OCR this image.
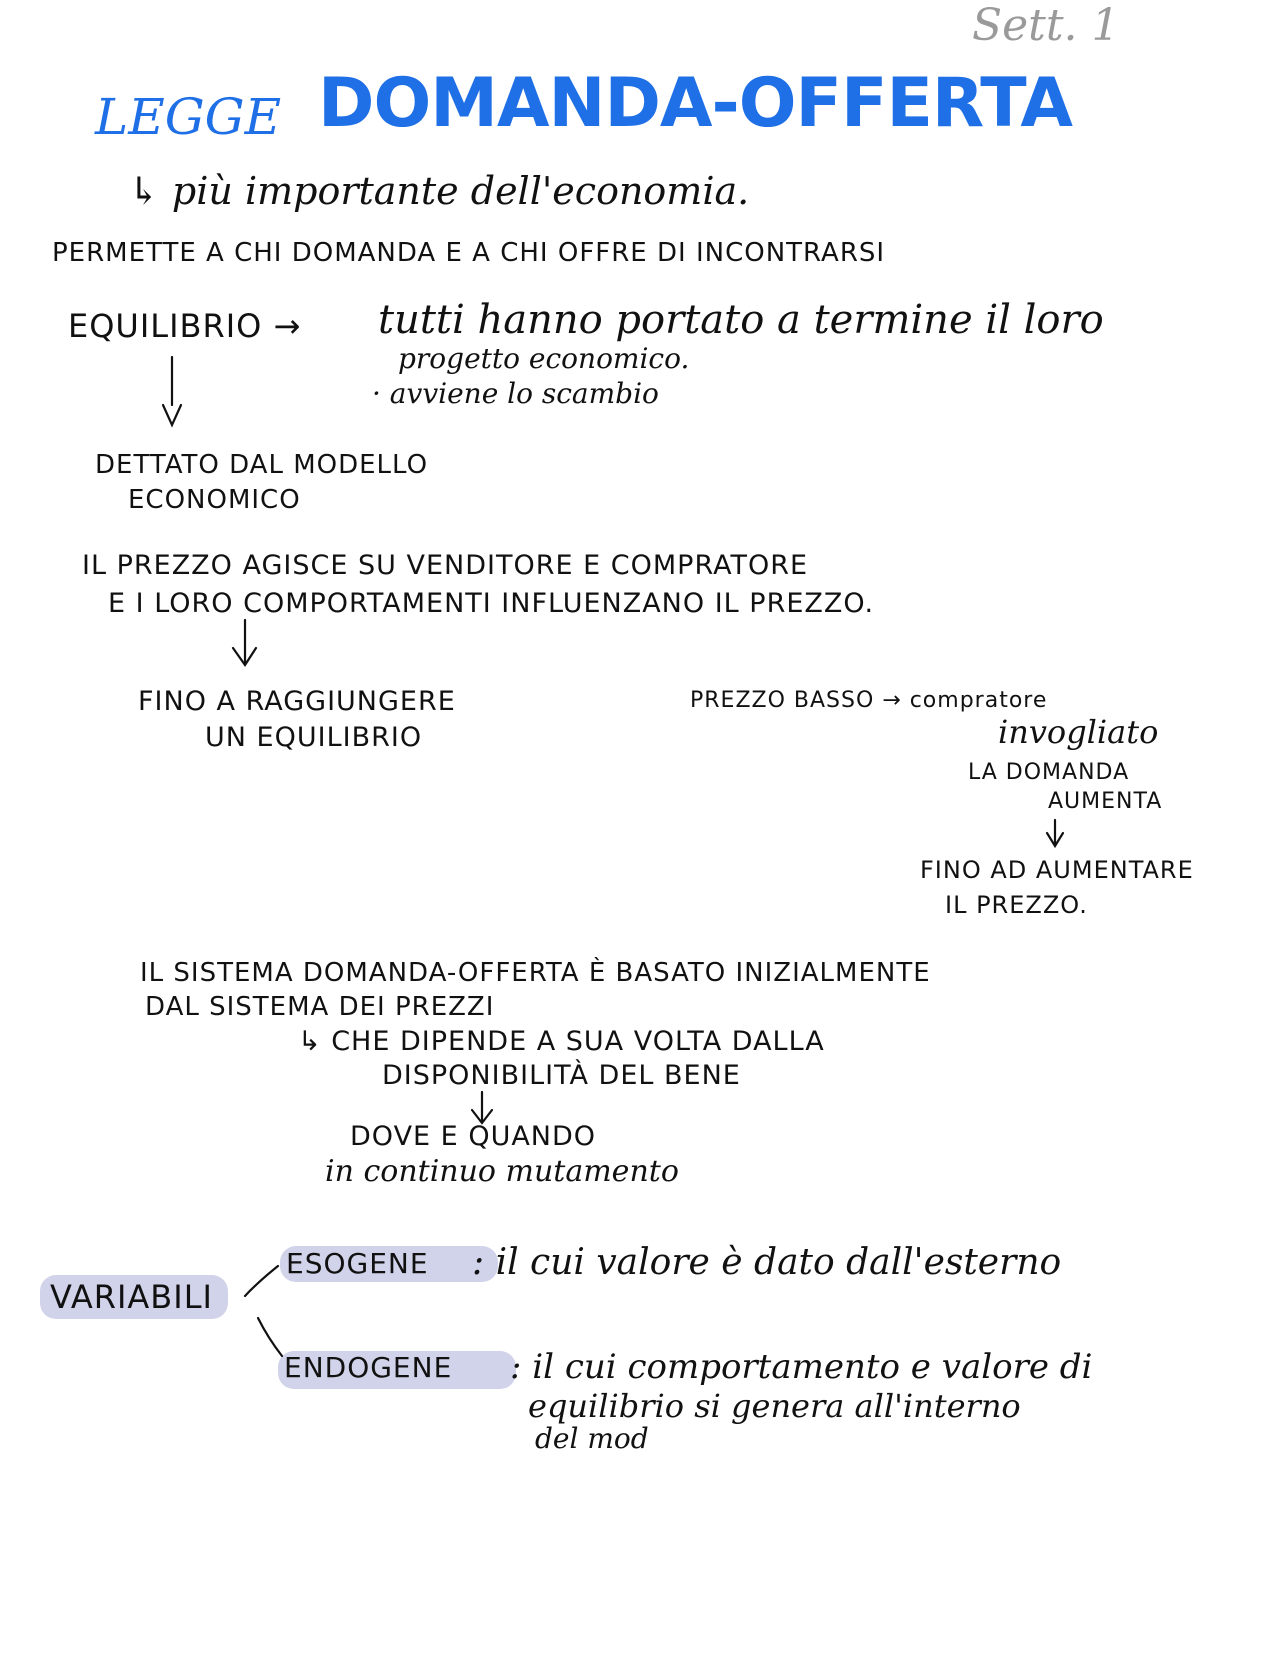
Sett. 1
LEGGE DOMANDA-OFFERTA
↳ più importante dell'economia.
PERMETTE A CHI DOMANDA E A CHI OFFRE DI INCONTRARSI
EQUILIBRIO → tutti hanno portato a termine il loro
progetto economico.
· avviene lo scambio
DETTATO DAL MODELLO
ECONOMICO
IL PREZZO AGISCE SU VENDITORE E COMPRATORE
E I LORO COMPORTAMENTI INFLUENZANO IL PREZZO.
FINO A RAGGIUNGERE
UN EQUILIBRIO
PREZZO BASSO → compratore
invogliato
LA DOMANDA
AUMENTA
FINO AD AUMENTARE
IL PREZZO.
IL SISTEMA DOMANDA-OFFERTA È BASATO INIZIALMENTE
DAL SISTEMA DEI PREZZI
↳ CHE DIPENDE A SUA VOLTA DALLA
DISPONIBILITÀ DEL BENE
DOVE E QUANDO
in continuo mutamento
VARIABILI
ESOGENE : il cui valore è dato dall'esterno
ENDOGENE : il cui comportamento e valore di
equilibrio si genera all'interno
del mod
